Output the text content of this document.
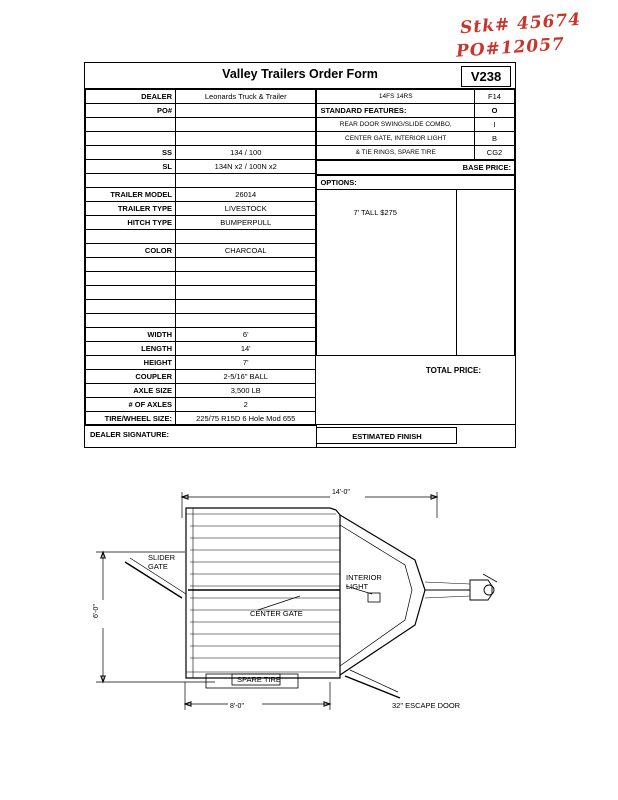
Stk# 45674
PO#12057
Valley Trailers Order Form	V238
DEALER	Leonards Truck & Trailer
PO#	

SS	134 / 100
SL	134N x2 / 100N x2

TRAILER MODEL	26014
TRAILER TYPE	LIVESTOCK
HITCH TYPE	BUMPERPULL

COLOR	CHARCOAL

WIDTH	6'
LENGTH	14'
HEIGHT	7'
COUPLER	2-5/16" BALL
AXLE SIZE	3,500 LB
# OF AXLES	2
TIRE/WHEEL SIZE:	225/75 R15D 6 Hole Mod 655
14FS 14RS	F14
STANDARD FEATURES:	O
REAR DOOR SWING/SLIDE COMBO,	I
CENTER GATE, INTERIOR LIGHT	B
& TIE RINGS, SPARE TIRE	CG2
BASE PRICE:
OPTIONS:
7' TALL $275
TOTAL PRICE:
DEALER SIGNATURE:	ESTIMATED FINISH
14'-0"
6'-0"
8'-0"
SLIDER
GATE
INTERIOR
LIGHT
CENTER GATE
SPARE TIRE
32" ESCAPE DOOR
